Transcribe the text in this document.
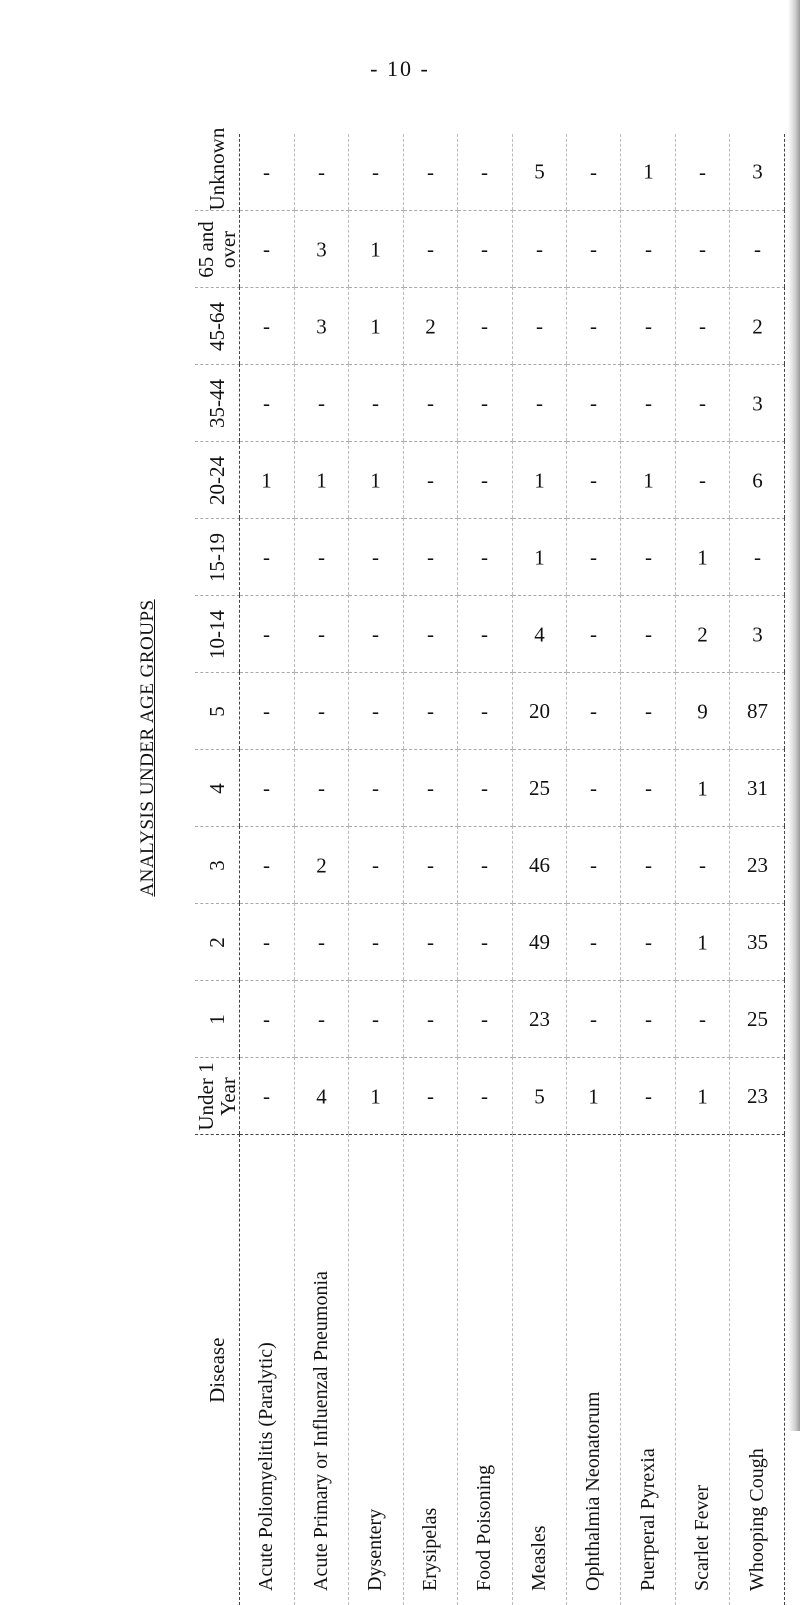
- 10 -
ANALYSIS UNDER AGE GROUPS
Disease	Under 1 Year	1	2	3	4	5	10-14	15-19	20-24	35-44	45-64	65 and over	Unknown
Acute Poliomyelitis (Paralytic)	-	-	-	-	-	-	-	-	1	-	-	-	-
Acute Primary or Influenzal Pneumonia	4	-	-	2	-	-	-	-	1	-	3	3	-
Dysentery	1	-	-	-	-	-	-	-	1	-	1	1	-
Erysipelas	-	-	-	-	-	-	-	-	-	-	2	-	-
Food Poisoning	-	-	-	-	-	-	-	-	-	-	-	-	-
Measles	5	23	49	46	25	20	4	1	1	-	-	-	5
Ophthalmia Neonatorum	1	-	-	-	-	-	-	-	-	-	-	-	-
Puerperal Pyrexia	-	-	-	-	-	-	-	-	1	-	-	-	1
Scarlet Fever	1	-	1	-	1	9	2	1	-	-	-	-	-
Whooping Cough	23	25	35	23	31	87	3	-	6	3	2	-	3
